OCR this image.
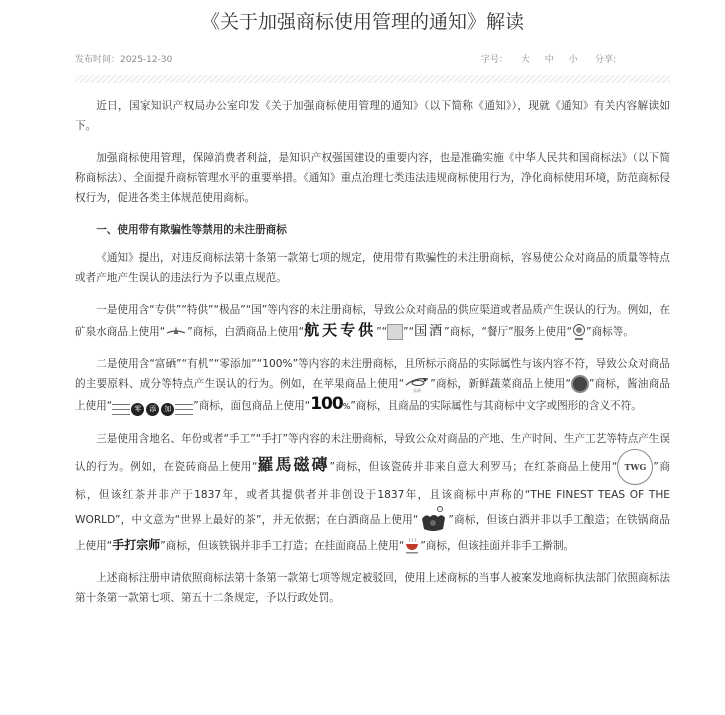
《关于加强商标使用管理的通知》解读
发布时间：2025-12-30	字号： 大 中 小	分享:

近日，国家知识产权局办公室印发《关于加强商标使用管理的通知》（以下简称《通知》），现就《通知》有关内容解读如下。

加强商标使用管理，保障消费者利益，是知识产权强国建设的重要内容，也是准确实施《中华人民共和国商标法》（以下简称商标法）、全面提升商标管理水平的重要举措。《通知》重点治理七类违法违规商标使用行为，净化商标使用环境，防范商标侵权行为，促进各类主体规范使用商标。

一、使用带有欺骗性等禁用的未注册商标

《通知》提出，对违反商标法第十条第一款第七项的规定，使用带有欺骗性的未注册商标，容易使公众对商品的质量等特点或者产地产生误认的违法行为予以重点规范。

一是使用含“专供”“特供”“极品”“国”等内容的未注册商标，导致公众对商品的供应渠道或者品质产生误认的行为。例如，在矿泉水商品上使用“ ·· ·· ”商标，白酒商品上使用“航天专供”“ ”“国酒”商标，“餐厅”服务上使用“ ”商标等。

二是使用含“富硒”“有机”“零添加”“100%”等内容的未注册商标，且所标示商品的实际属性与该内容不符，导致公众对商品的主要原料、成分等特点产生误认的行为。例如，在苹果商品上使用“
富硒
”商标，新鲜蔬菜商品上使用“ ”商标，酱油商品上使用“	零 添 加 ”商标，面包商品上使用“100%”商标，且商品的实际属性与其商标中文字或图形的含义不符。

三是使用含地名、年份或者“手工”“手打”等内容的未注册商标，导致公众对商品的产地、生产时间、生产工艺等特点产生误认的行为。例如，在瓷砖商品上使用“羅馬磁磚”商标，但该瓷砖并非来自意大利罗马；在红茶商品上使用“ TWG ”商标，但该红茶并非产于1837年，或者其提供者并非创设于1837年，且该商标中声称的“THE FINEST TEAS OF THE WORLD”，中文意为“世界上最好的茶”，并无依据；在白酒商品上使用“	”商标，但该白酒并非以手工酿造；在铁锅商品上使用“手打宗师”商标，但该铁锅并非手工打造；在挂面商品上使用“ ”商标，但该挂面并非手工擀制。

上述商标注册申请依照商标法第十条第一款第七项等规定被驳回，使用上述商标的当事人被案发地商标执法部门依照商标法第十条第一款第七项、第五十二条规定，予以行政处罚。
